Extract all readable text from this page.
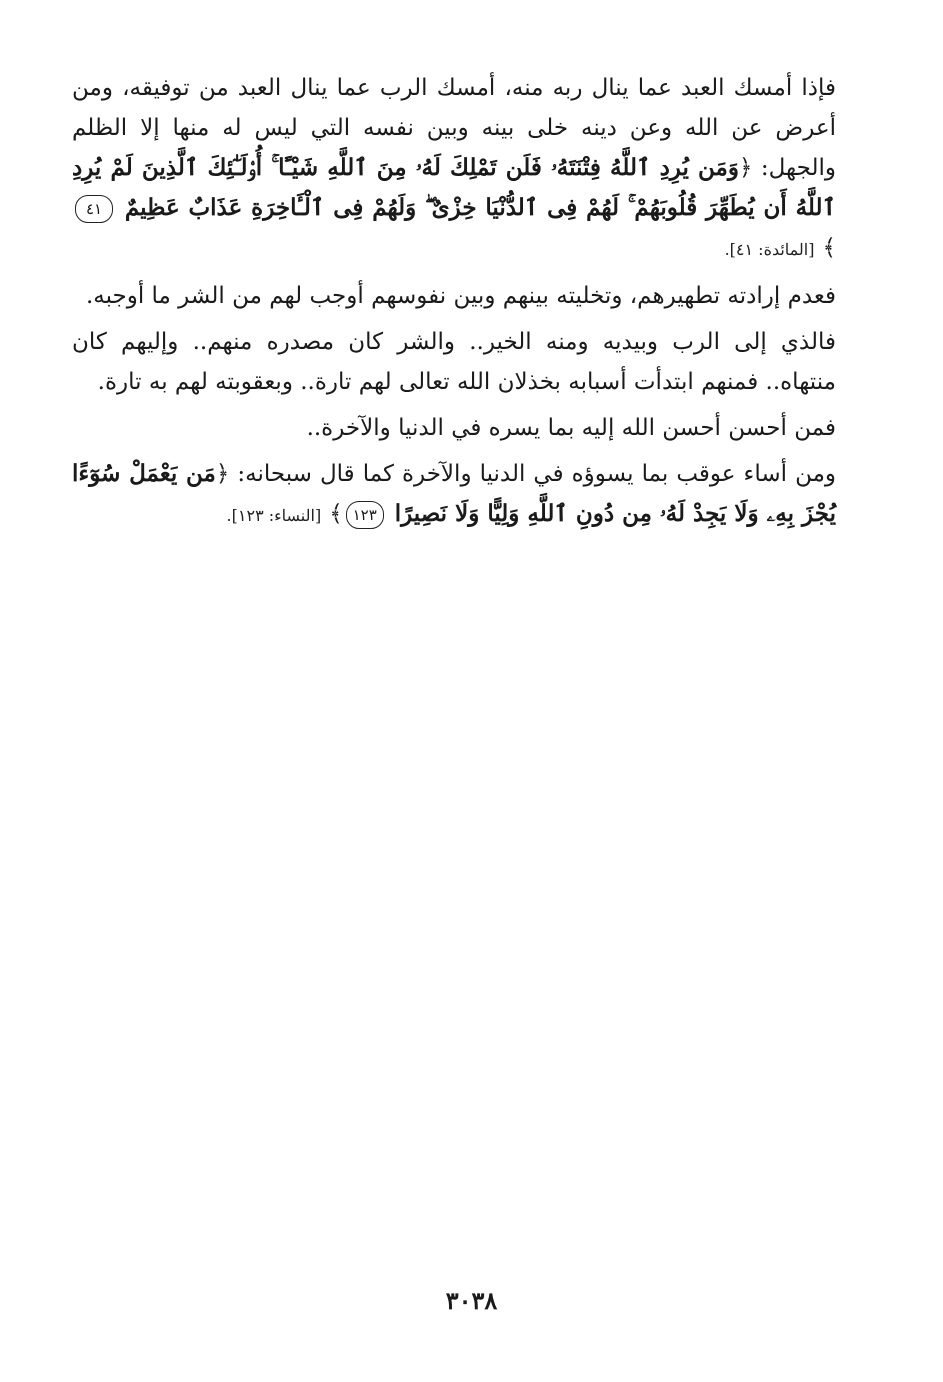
فإذا أمسك العبد عما ينال ربه منه، أمسك الرب عما ينال العبد من توفيقه، ومن أعرض عن الله وعن دينه خلى بينه وبين نفسه التي ليس له منها إلا الظلم والجهل: ﴿وَمَن يُرِدِ ٱللَّهُ فِتْنَتَهُۥ فَلَن تَمْلِكَ لَهُۥ مِنَ ٱللَّهِ شَيْـًٔا ۚ أُو۟لَـٰٓئِكَ ٱلَّذِينَ لَمْ يُرِدِ ٱللَّهُ أَن يُطَهِّرَ قُلُوبَهُمْ ۚ لَهُمْ فِى ٱلدُّنْيَا خِزْىٌ ۖ وَلَهُمْ فِى ٱلْـَٔاخِرَةِ عَذَابٌ عَظِيمٌ ٤١﴾ [المائدة: ٤١].

فعدم إرادته تطهيرهم، وتخليته بينهم وبين نفوسهم أوجب لهم من الشر ما أوجبه.

فالذي إلى الرب وبيديه ومنه الخير.. والشر كان مصدره منهم.. وإليهم كان منتهاه.. فمنهم ابتدأت أسبابه بخذلان الله تعالى لهم تارة.. وبعقوبته لهم به تارة.

فمن أحسن أحسن الله إليه بما يسره في الدنيا والآخرة..

ومن أساء عوقب بما يسوؤه في الدنيا والآخرة كما قال سبحانه: ﴿مَن يَعْمَلْ سُوٓءًا يُجْزَ بِهِۦ وَلَا يَجِدْ لَهُۥ مِن دُونِ ٱللَّهِ وَلِيًّا وَلَا نَصِيرًا ١٢٣﴾ [النساء: ١٢٣].

٣٠٣٨
